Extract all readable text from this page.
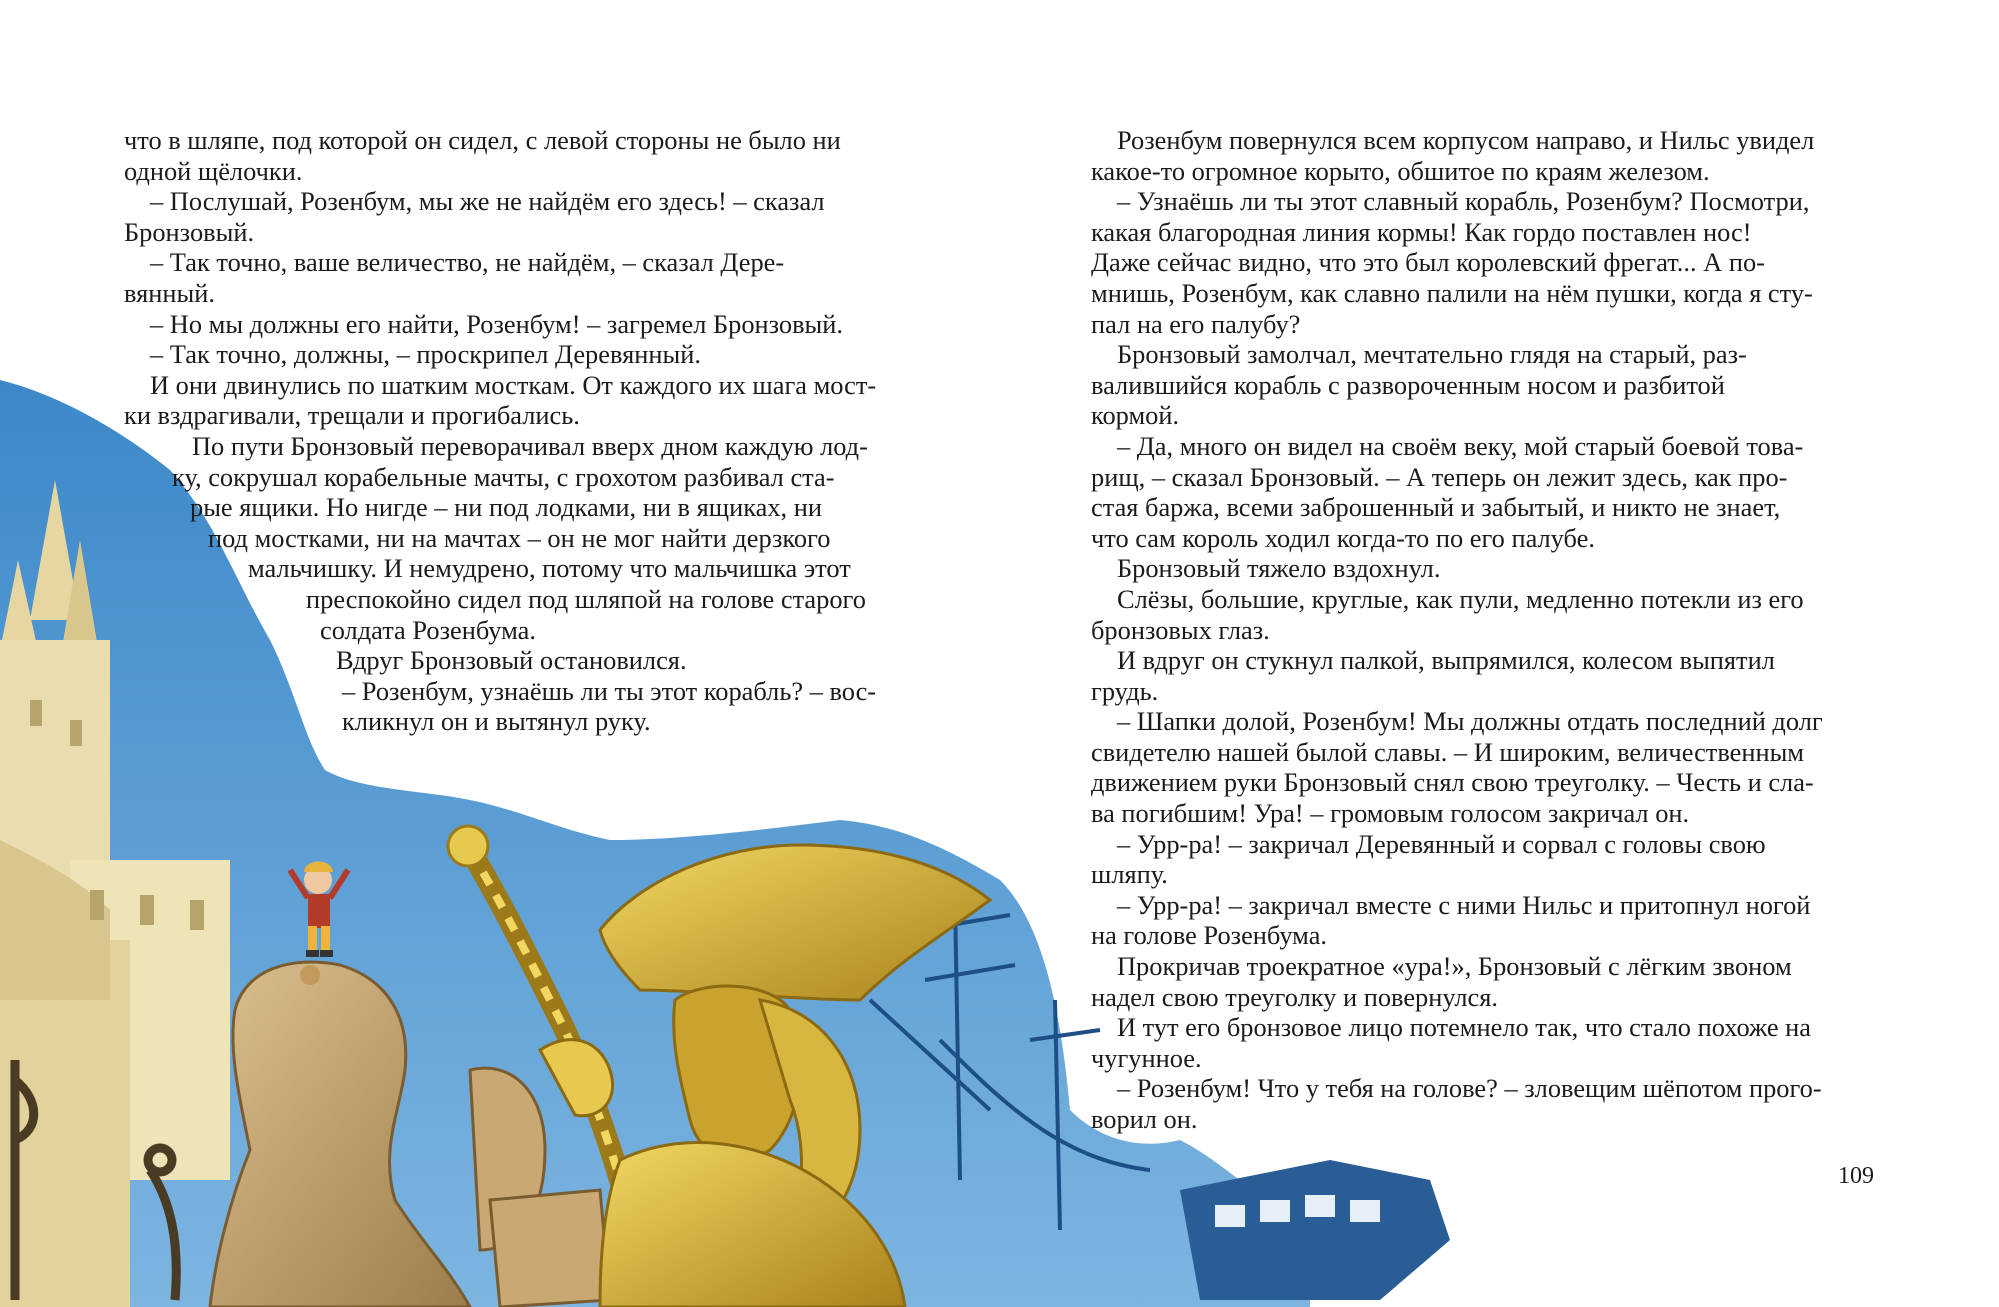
что в шляпе, под которой он сидел, с левой стороны не было ни

одной щёлочки.

– Послушай, Розенбум, мы же не найдём его здесь! – сказал

Бронзовый.

– Так точно, ваше величество, не найдём, – сказал Дере-

вянный.

– Но мы должны его найти, Розенбум! – загремел Бронзовый.

– Так точно, должны, – проскрипел Деревянный.

И они двинулись по шатким мосткам. От каждого их шага мост-

ки вздрагивали, трещали и прогибались.

По пути Бронзовый переворачивал вверх дном каждую лод-

ку, сокрушал корабельные мачты, с грохотом разбивал ста-

рые ящики. Но нигде – ни под лодками, ни в ящиках, ни

под мостками, ни на мачтах – он не мог найти дерзкого

мальчишку. И немудрено, потому что мальчишка этот

преспокойно сидел под шляпой на голове старого

солдата Розенбума.

Вдруг Бронзовый остановился.

– Розенбум, узнаёшь ли ты этот корабль? – вос-

кликнул он и вытянул руку.

Розенбум повернулся всем корпусом направо, и Нильс увидел

какое-то огромное корыто, обшитое по краям железом.

– Узнаёшь ли ты этот славный корабль, Розенбум? Посмотри,

какая благородная линия кормы! Как гордо поставлен нос!

Даже сейчас видно, что это был королевский фрегат... А по-

мнишь, Розенбум, как славно палили на нём пушки, когда я сту-

пал на его палубу?

Бронзовый замолчал, мечтательно глядя на старый, раз-

валившийся корабль с развороченным носом и разбитой

кормой.

– Да, много он видел на своём веку, мой старый боевой това-

рищ, – сказал Бронзовый. – А теперь он лежит здесь, как про-

стая баржа, всеми заброшенный и забытый, и никто не знает,

что сам король ходил когда-то по его палубе.

Бронзовый тяжело вздохнул.

Слёзы, большие, круглые, как пули, медленно потекли из его

бронзовых глаз.

И вдруг он стукнул палкой, выпрямился, колесом выпятил

грудь.

– Шапки долой, Розенбум! Мы должны отдать последний долг

свидетелю нашей былой славы. – И широким, величественным

движением руки Бронзовый снял свою треуголку. – Честь и сла-

ва погибшим! Ура! – громовым голосом закричал он.

– Урр-ра! – закричал Деревянный и сорвал с головы свою

шляпу.

– Урр-ра! – закричал вместе с ними Нильс и притопнул ногой

на голове Розенбума.

Прокричав троекратное «ура!», Бронзовый с лёгким звоном

надел свою треуголку и повернулся.

И тут его бронзовое лицо потемнело так, что стало похоже на

чугунное.

– Розенбум! Что у тебя на голове? – зловещим шёпотом прого-

ворил он.

109
